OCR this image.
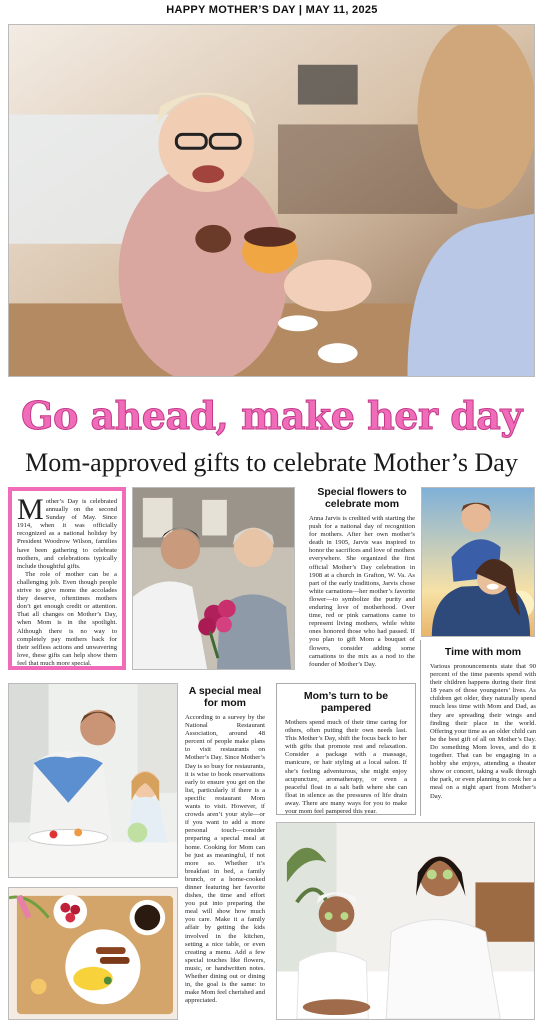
HAPPY MOTHER’S DAY | MAY 11, 2025
Go ahead, make her day
Mom-approved gifts to celebrate Mother’s Day

Mother’s Day is celebrated annually on the second Sunday of May. Since 1914, when it was officially recognized as a national holiday by President Woodrow Wilson, families have been gathering to celebrate mothers, and celebrations typically include thoughtful gifts.

The role of mother can be a challenging job. Even though people strive to give moms the accolades they deserve, oftentimes mothers don’t get enough credit or attention. That all changes on Mother’s Day, when Mom is in the spotlight. Although there is no way to completely pay mothers back for their selfless actions and unwavering love, these gifts can help show them feel that much more special.

Special flowers to celebrate mom

Anna Jarvis is credited with starting the push for a national day of recognition for mothers. After her own mother’s death in 1905, Jarvis was inspired to honor the sacrifices and love of mothers everywhere. She organized the first official Mother’s Day celebration in 1908 at a church in Grafton, W. Va. As part of the early traditions, Jarvis chose white carnations—her mother’s favorite flower—to symbolize the purity and enduring love of motherhood. Over time, red or pink carnations came to represent living mothers, while white ones honored those who had passed. If you plan to gift Mom a bouquet of flowers, consider adding some carnations to the mix as a nod to the founder of Mother’s Day.

Time with mom

Various pronouncements state that 90 percent of the time parents spend with their children happens during their first 18 years of those youngsters’ lives. As children get older, they naturally spend much less time with Mom and Dad, as they are spreading their wings and finding their place in the world. Offering your time as an older child can be the best gift of all on Mother’s Day. Do something Mom loves, and do it together. That can be engaging in a hobby she enjoys, attending a theater show or concert, taking a walk through the park, or even planning to cook her a meal on a night apart from Mother’s Day.

A special meal for mom

According to a survey by the National Restaurant Association, around 48 percent of people make plans to visit restaurants on Mother’s Day. Since Mother’s Day is so busy for restaurants, it is wise to book reservations early to ensure you get on the list, particularly if there is a specific restaurant Mom wants to visit. However, if crowds aren’t your style—or if you want to add a more personal touch—consider preparing a special meal at home. Cooking for Mom can be just as meaningful, if not more so. Whether it’s breakfast in bed, a family brunch, or a home-cooked dinner featuring her favorite dishes, the time and effort you put into preparing the meal will show how much you care. Make it a family affair by getting the kids involved in the kitchen, setting a nice table, or even creating a menu. Add a few special touches like flowers, music, or handwritten notes. Whether dining out or dining in, the goal is the same: to make Mom feel cherished and appreciated.

Mom’s turn to be pampered

Mothers spend much of their time caring for others, often putting their own needs last. This Mother’s Day, shift the focus back to her with gifts that promote rest and relaxation. Consider a package with a massage, manicure, or hair styling at a local salon. If she’s feeling adventurous, she might enjoy acupuncture, aromatherapy, or even a peaceful float in a salt bath where she can float in silence as the pressures of life drain away. There are many ways for you to make your mom feel pampered this year.
